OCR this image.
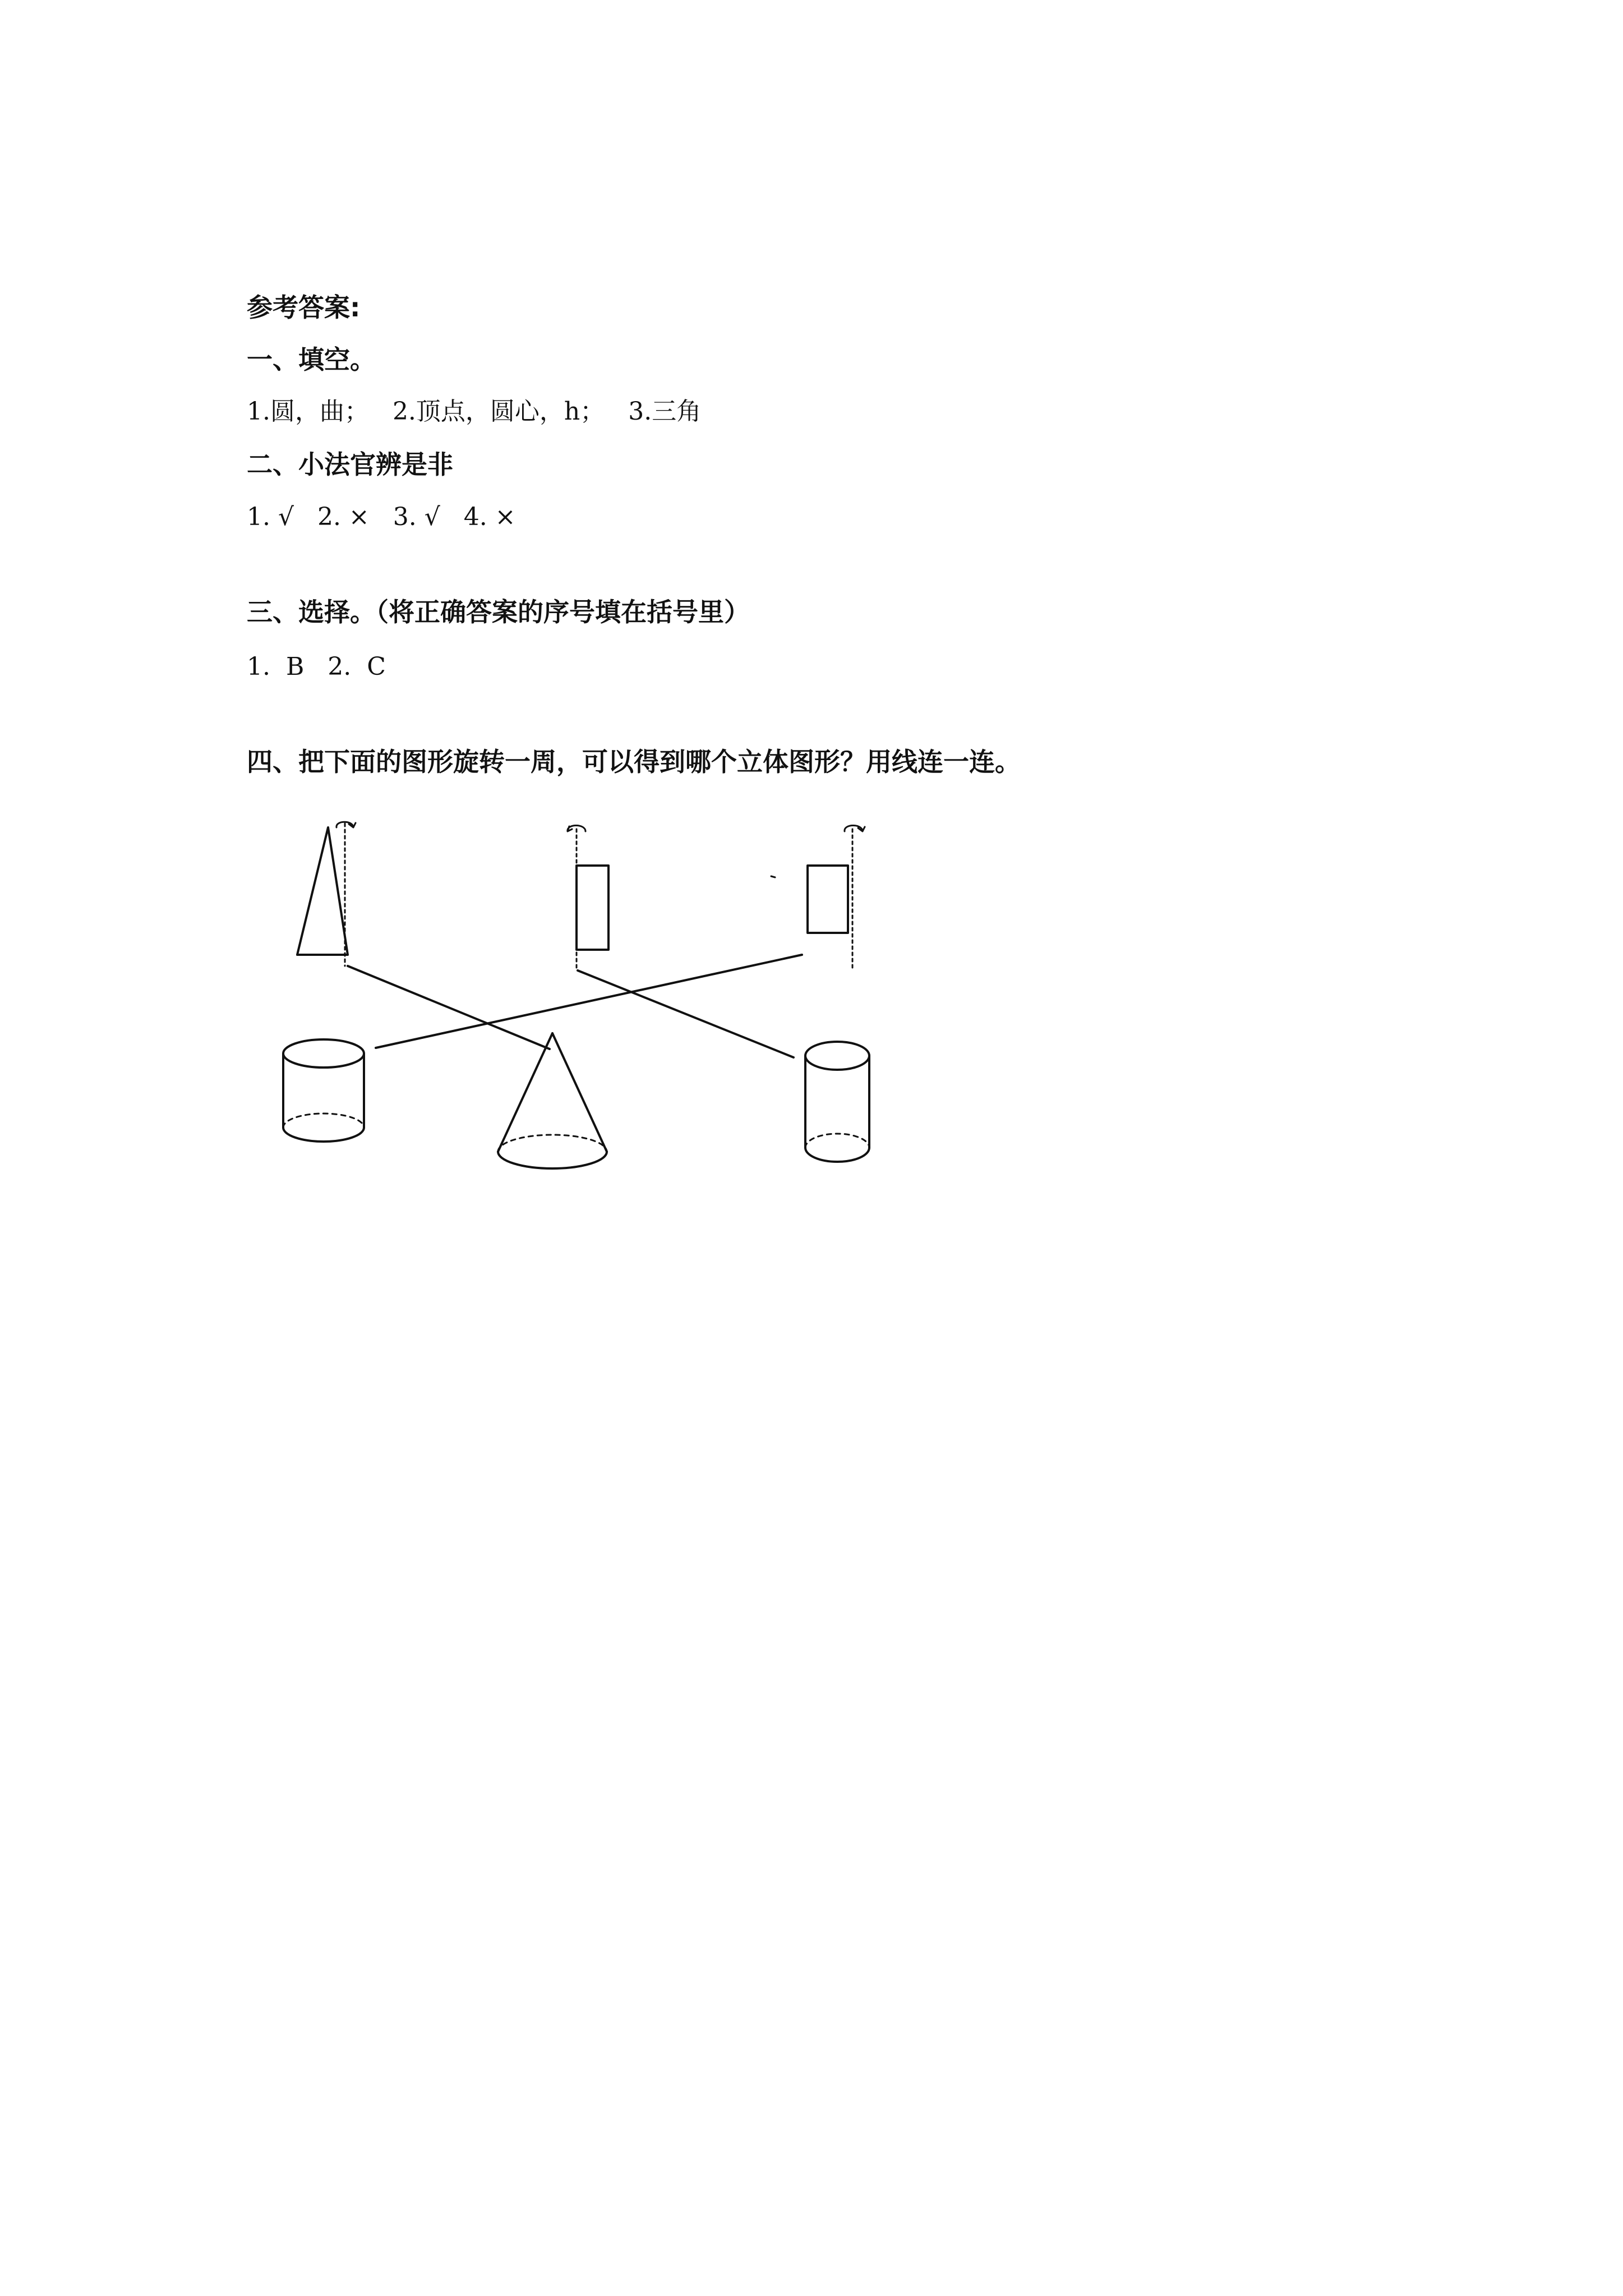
参考答案:
一、填空。
1.圆，曲；   2.顶点，圆心，h；   3.三角
二、小法官辨是非
1. √   2. ×   3. √   4. ×
三、选择。（将正确答案的序号填在括号里）
1.  B   2.  C
四、把下面的图形旋转一周，可以得到哪个立体图形？用线连一连。
